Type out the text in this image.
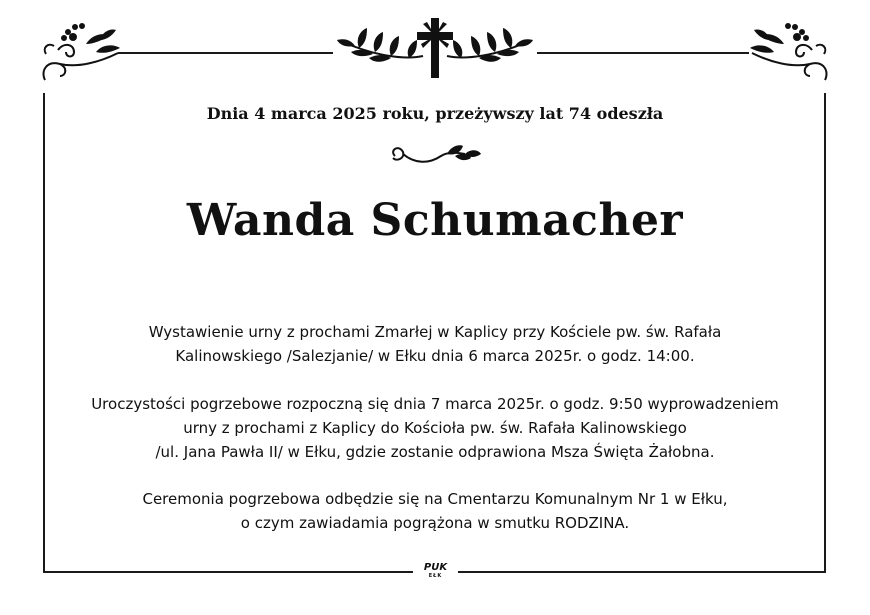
Dnia 4 marca 2025 roku, przeżywszy lat 74 odeszła
Wanda Schumacher
Wystawienie urny z prochami Zmarłej w Kaplicy przy Kościele pw. św. Rafała
Kalinowskiego /Salezjanie/ w Ełku dnia 6 marca 2025r. o godz. 14:00.
Uroczystości pogrzebowe rozpoczną się dnia 7 marca 2025r. o godz. 9:50 wyprowadzeniem
urny z prochami z Kaplicy do Kościoła pw. św. Rafała Kalinowskiego
/ul. Jana Pawła II/ w Ełku, gdzie zostanie odprawiona Msza Święta Żałobna.
Ceremonia pogrzebowa odbędzie się na Cmentarzu Komunalnym Nr 1 w Ełku,
o czym zawiadamia pogrążona w smutku RODZINA.
PUK
EŁK
